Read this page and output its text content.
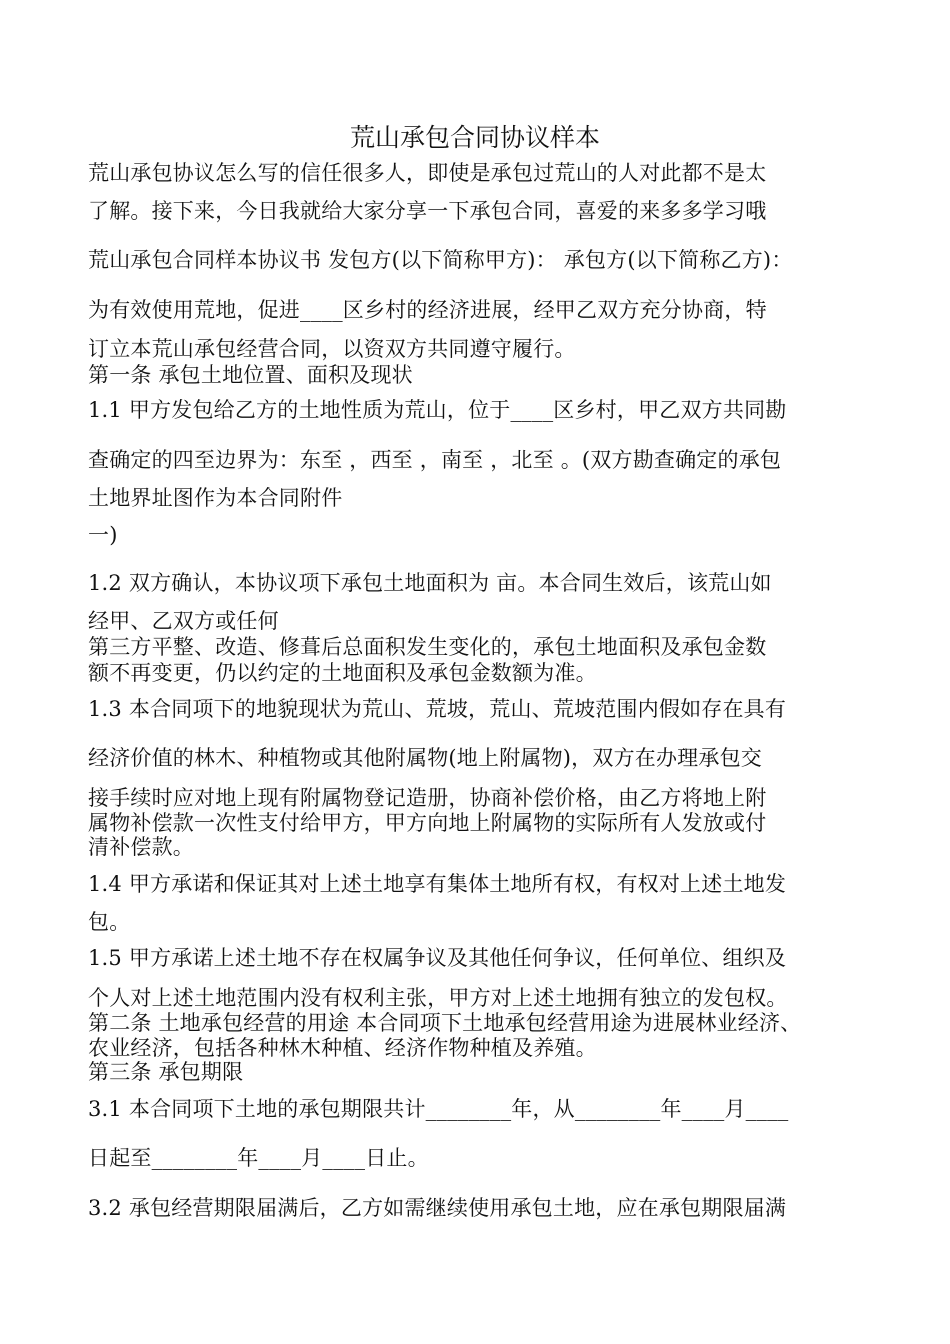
荒山承包合同协议样本

荒山承包协议怎么写的信任很多人，即使是承包过荒山的人对此都不是太

了解。接下来，今日我就给大家分享一下承包合同，喜爱的来多多学习哦

荒山承包合同样本协议书 发包方(以下简称甲方)： 承包方(以下简称乙方)：

为有效使用荒地，促进____区乡村的经济进展，经甲乙双方充分协商，特

订立本荒山承包经营合同，以资双方共同遵守履行。

第一条 承包土地位置、面积及现状

1.1 甲方发包给乙方的土地性质为荒山，位于____区乡村，甲乙双方共同勘

查确定的四至边界为：东至 ，西至 ，南至 ，北至 。(双方勘查确定的承包

土地界址图作为本合同附件

一)

1.2 双方确认，本协议项下承包土地面积为 亩。本合同生效后，该荒山如

经甲、乙双方或任何

第三方平整、改造、修葺后总面积发生变化的，承包土地面积及承包金数

额不再变更，仍以约定的土地面积及承包金数额为准。

1.3 本合同项下的地貌现状为荒山、荒坡，荒山、荒坡范围内假如存在具有

经济价值的林木、种植物或其他附属物(地上附属物)，双方在办理承包交

接手续时应对地上现有附属物登记造册，协商补偿价格，由乙方将地上附

属物补偿款一次性支付给甲方，甲方向地上附属物的实际所有人发放或付

清补偿款。

1.4 甲方承诺和保证其对上述土地享有集体土地所有权，有权对上述土地发

包。

1.5 甲方承诺上述土地不存在权属争议及其他任何争议，任何单位、组织及

个人对上述土地范围内没有权利主张，甲方对上述土地拥有独立的发包权。

第二条 土地承包经营的用途 本合同项下土地承包经营用途为进展林业经济、

农业经济，包括各种林木种植、经济作物种植及养殖。

第三条 承包期限

3.1 本合同项下土地的承包期限共计________年，从________年____月____

日起至________年____月____日止。

3.2 承包经营期限届满后，乙方如需继续使用承包土地，应在承包期限届满
